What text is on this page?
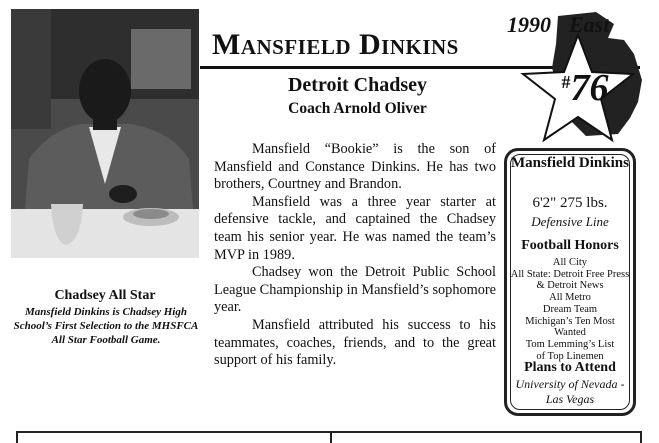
Mansfield Dinkins
# 76
1990 East
Detroit Chadsey
Coach Arnold Oliver

Mansfield “Bookie” is the son of Mansfield and Constance Dinkins. He has two brothers, Courtney and Brandon.

Mansfield was a three year starter at defensive tackle, and captained the Chadsey team his senior year. He was named the team’s MVP in 1989.

Chadsey won the Detroit Public School League Championship in Mansfield’s sophomore year.

Mansfield attributed his success to his teammates, coaches, friends, and to the great support of his family.

Chadsey All Star
Mansfield Dinkins is Chadsey High School’s First Selection to the MHSFCA All Star Football Game.
Mansfield Dinkins
6'2" 275 lbs.
Defensive Line
Football Honors
All City
All State: Detroit Free Press
& Detroit News
All Metro
Dream Team
Michigan’s Ten Most
Wanted
Tom Lemming’s List
of Top Linemen
Plans to Attend
University of Nevada - Las Vegas
